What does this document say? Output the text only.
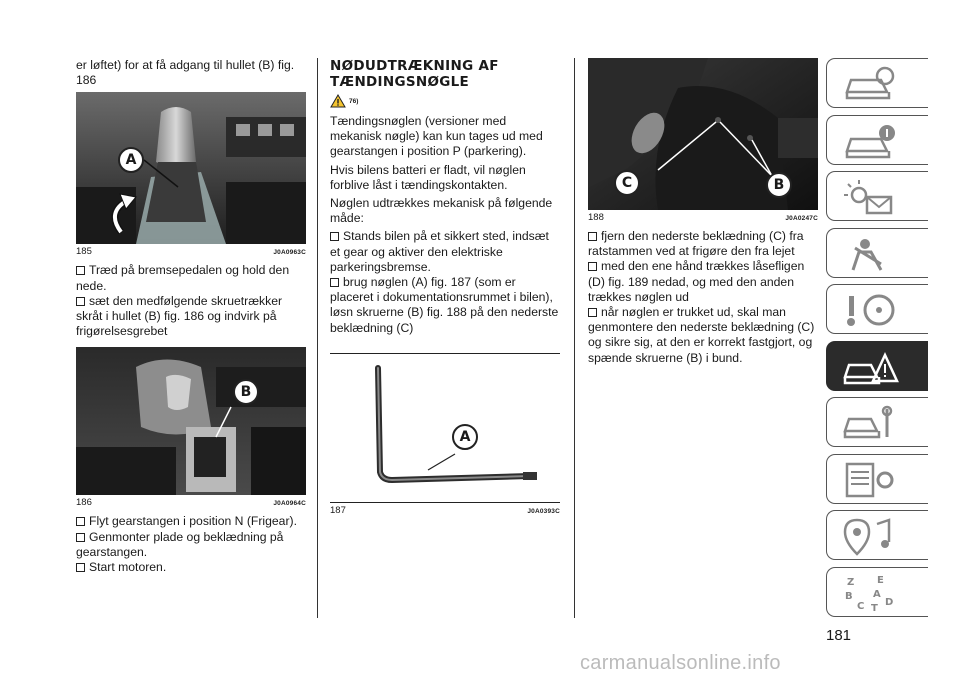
er løftet) for at få adgang til hullet (B) fig. 186

A
185	J0A0963C
Træd på bremsepedalen og hold den nede.
sæt den medfølgende skruetrækker skråt i hullet (B) fig. 186 og indvirk på frigørelsesgrebet
B
186	J0A0964C
Flyt gearstangen i position N (Frigear).
Genmonter plade og beklædning på gearstangen.
Start motoren.
NØDUDTRÆKNING AF TÆNDINGSNØGLE
76)

Tændingsnøglen (versioner med mekanisk nøgle) kan kun tages ud med gearstangen i position P (parkering).

Hvis bilens batteri er fladt, vil nøglen forblive låst i tændingskontakten.

Nøglen udtrækkes mekanisk på følgende måde:

Stands bilen på et sikkert sted, indsæt et gear og aktiver den elektriske parkeringsbremse.
brug nøglen (A) fig. 187 (som er placeret i dokumentationsrummet i bilen), løsn skruerne (B) fig. 188 på den nederste beklædning (C)
A
187	J0A0393C
C	B
188	J0A0247C
fjern den nederste beklædning (C) fra ratstammen ved at frigøre den fra lejet
med den ene hånd trækkes låsefligen (D) fig. 189 nedad, og med den anden trækkes nøglen ud
når nøglen er trukket ud, skal man genmontere den nederste beklædning (C) og sikre sig, at den er korrekt fastgjort, og spænde skruerne (B) i bund.
Z E
B A
C T
D
181
carmanualsonline.info
